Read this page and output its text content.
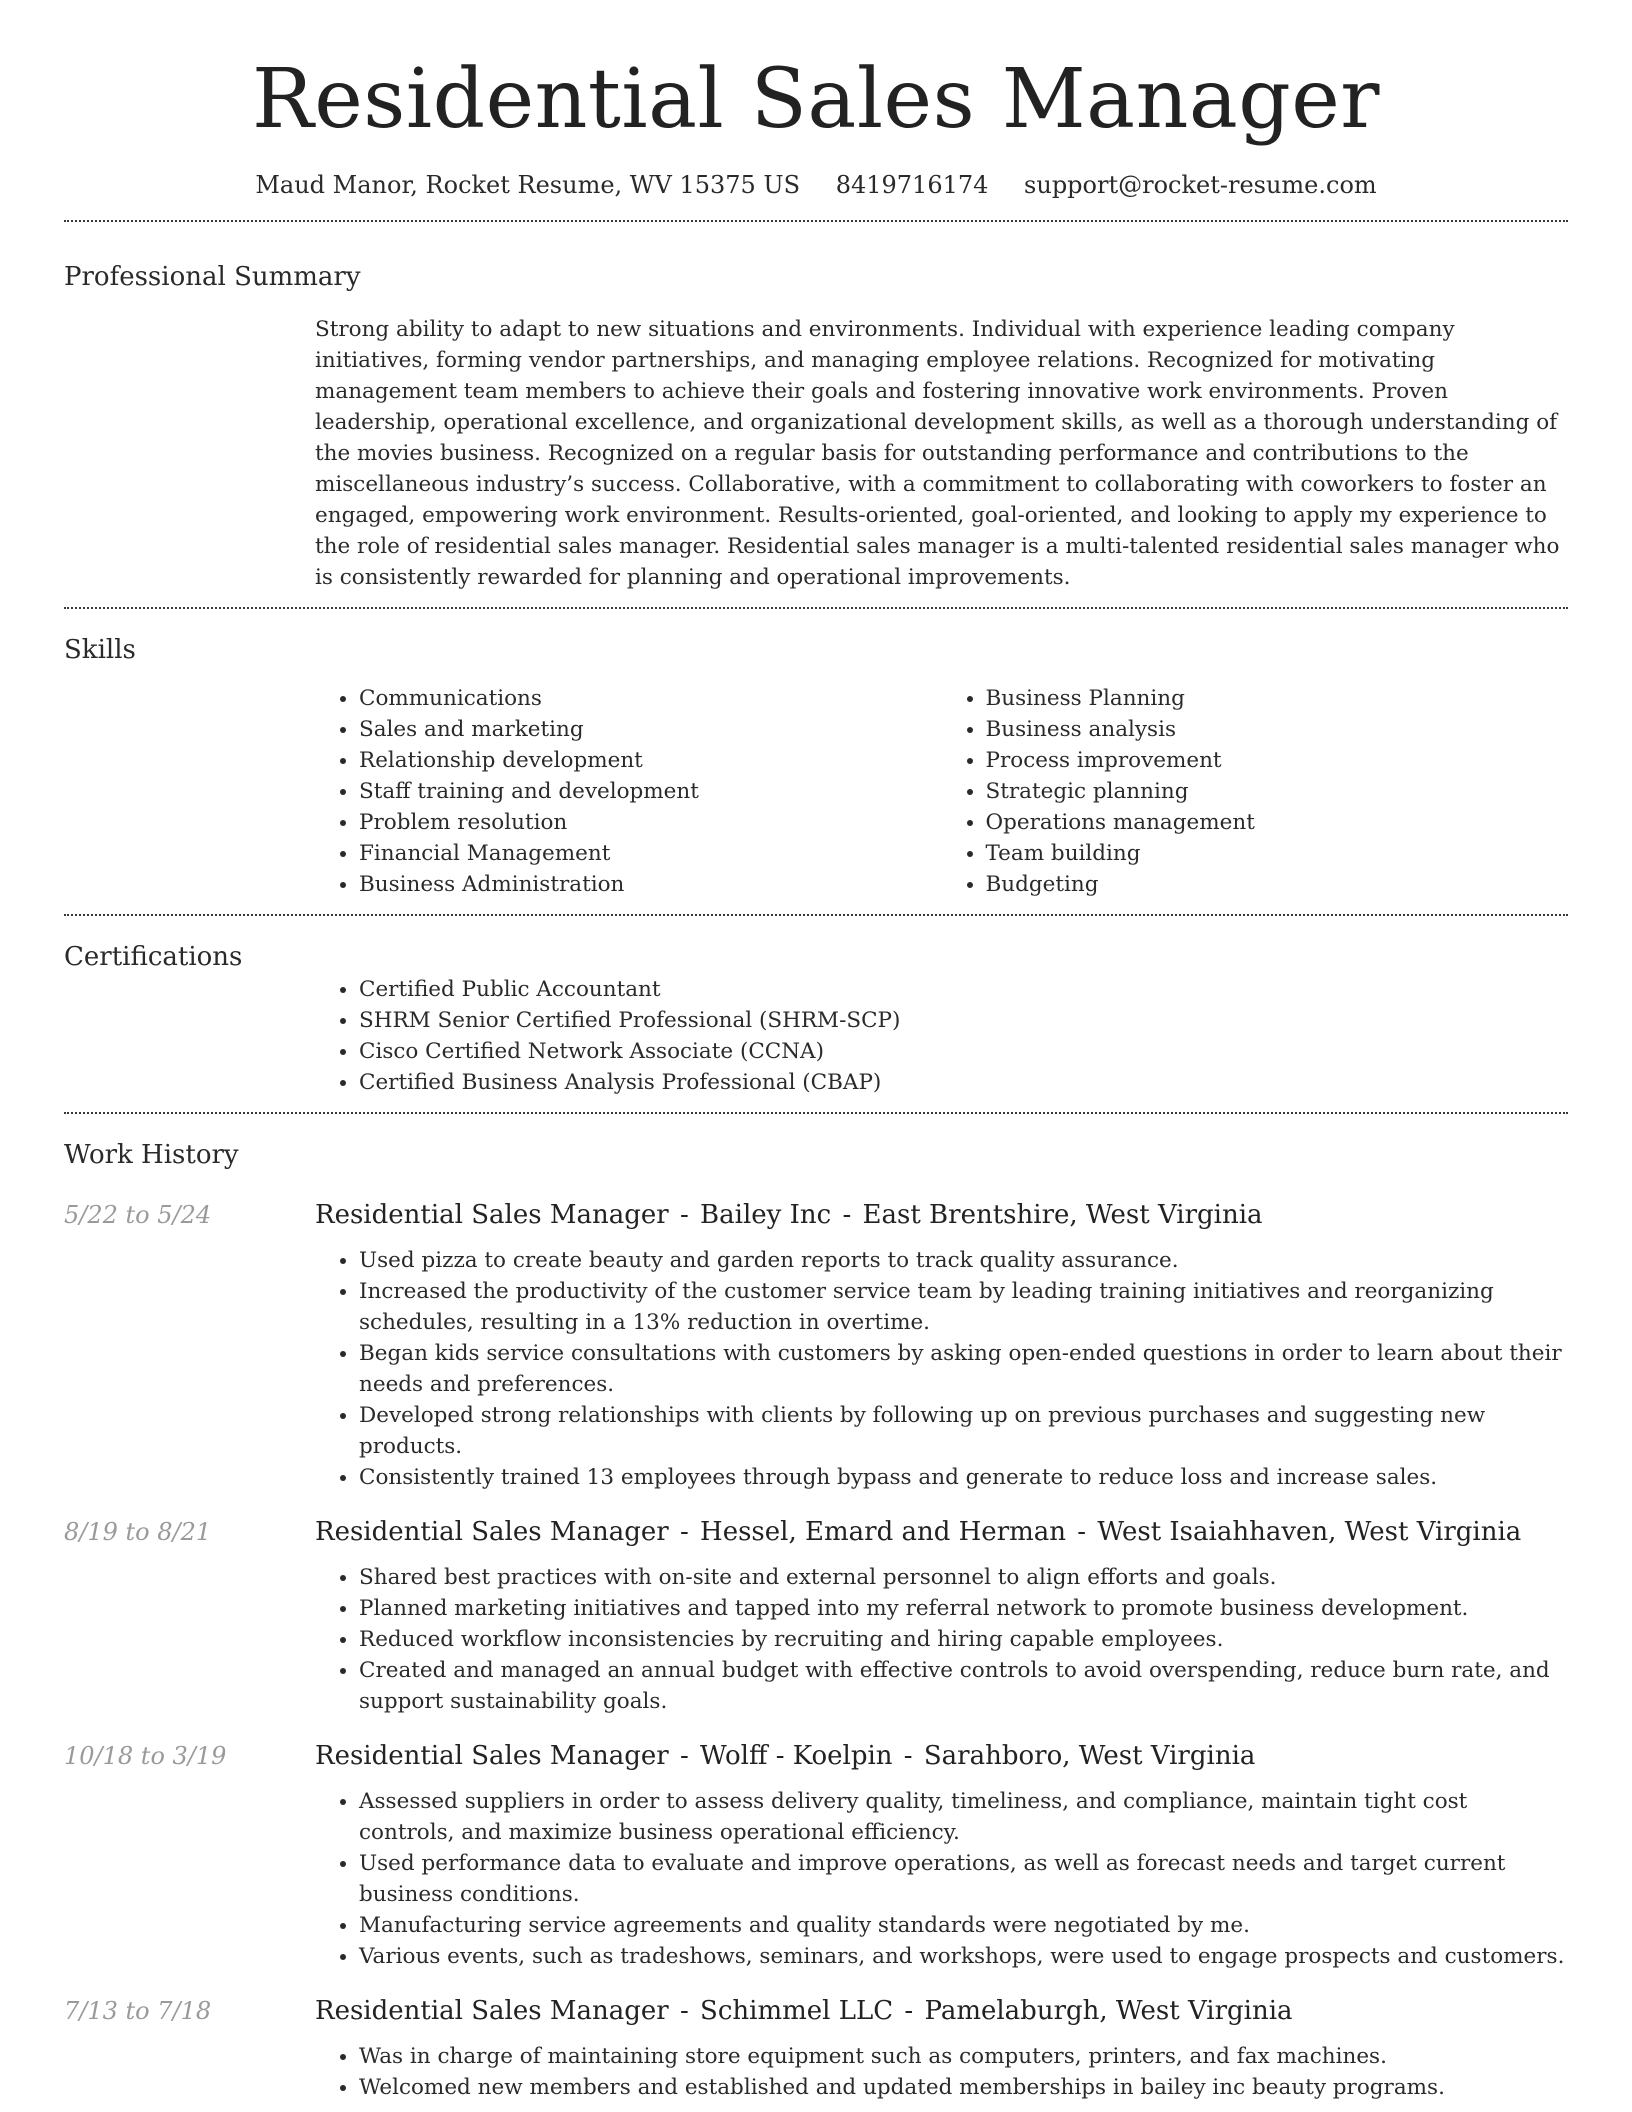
Residential Sales Manager
Maud Manor, Rocket Resume, WV 15375 US 8419716174 support@rocket-resume.com
Professional Summary
Strong ability to adapt to new situations and environments. Individual with experience leading company initiatives, forming vendor partnerships, and managing employee relations. Recognized for motivating management team members to achieve their goals and fostering innovative work environments. Proven leadership, operational excellence, and organizational development skills, as well as a thorough understanding of the movies business. Recognized on a regular basis for outstanding performance and contributions to the miscellaneous industry’s success. Collaborative, with a commitment to collaborating with coworkers to foster an engaged, empowering work environment. Results-oriented, goal-oriented, and looking to apply my experience to the role of residential sales manager. Residential sales manager is a multi-talented residential sales manager who is consistently rewarded for planning and operational improvements.
Skills
• Communications
• Sales and marketing
• Relationship development
• Staff training and development
• Problem resolution
• Financial Management
• Business Administration
• Business Planning
• Business analysis
• Process improvement
• Strategic planning
• Operations management
• Team building
• Budgeting
Certifications
• Certified Public Accountant
• SHRM Senior Certified Professional (SHRM-SCP)
• Cisco Certified Network Associate (CCNA)
• Certified Business Analysis Professional (CBAP)
Work History
5/22 to 5/24	Residential Sales Manager - Bailey Inc - East Brentshire, West Virginia
• Used pizza to create beauty and garden reports to track quality assurance.
• Increased the productivity of the customer service team by leading training initiatives and reorganizing schedules, resulting in a 13% reduction in overtime.
• Began kids service consultations with customers by asking open-ended questions in order to learn about their needs and preferences.
• Developed strong relationships with clients by following up on previous purchases and suggesting new products.
• Consistently trained 13 employees through bypass and generate to reduce loss and increase sales.
8/19 to 8/21	Residential Sales Manager - Hessel, Emard and Herman - West Isaiahhaven, West Virginia
• Shared best practices with on-site and external personnel to align efforts and goals.
• Planned marketing initiatives and tapped into my referral network to promote business development.
• Reduced workflow inconsistencies by recruiting and hiring capable employees.
• Created and managed an annual budget with effective controls to avoid overspending, reduce burn rate, and support sustainability goals.
10/18 to 3/19	Residential Sales Manager - Wolff - Koelpin - Sarahboro, West Virginia
• Assessed suppliers in order to assess delivery quality, timeliness, and compliance, maintain tight cost controls, and maximize business operational efficiency.
• Used performance data to evaluate and improve operations, as well as forecast needs and target current business conditions.
• Manufacturing service agreements and quality standards were negotiated by me.
• Various events, such as tradeshows, seminars, and workshops, were used to engage prospects and customers.
7/13 to 7/18	Residential Sales Manager - Schimmel LLC - Pamelaburgh, West Virginia
• Was in charge of maintaining store equipment such as computers, printers, and fax machines.
• Welcomed new members and established and updated memberships in bailey inc beauty programs.
